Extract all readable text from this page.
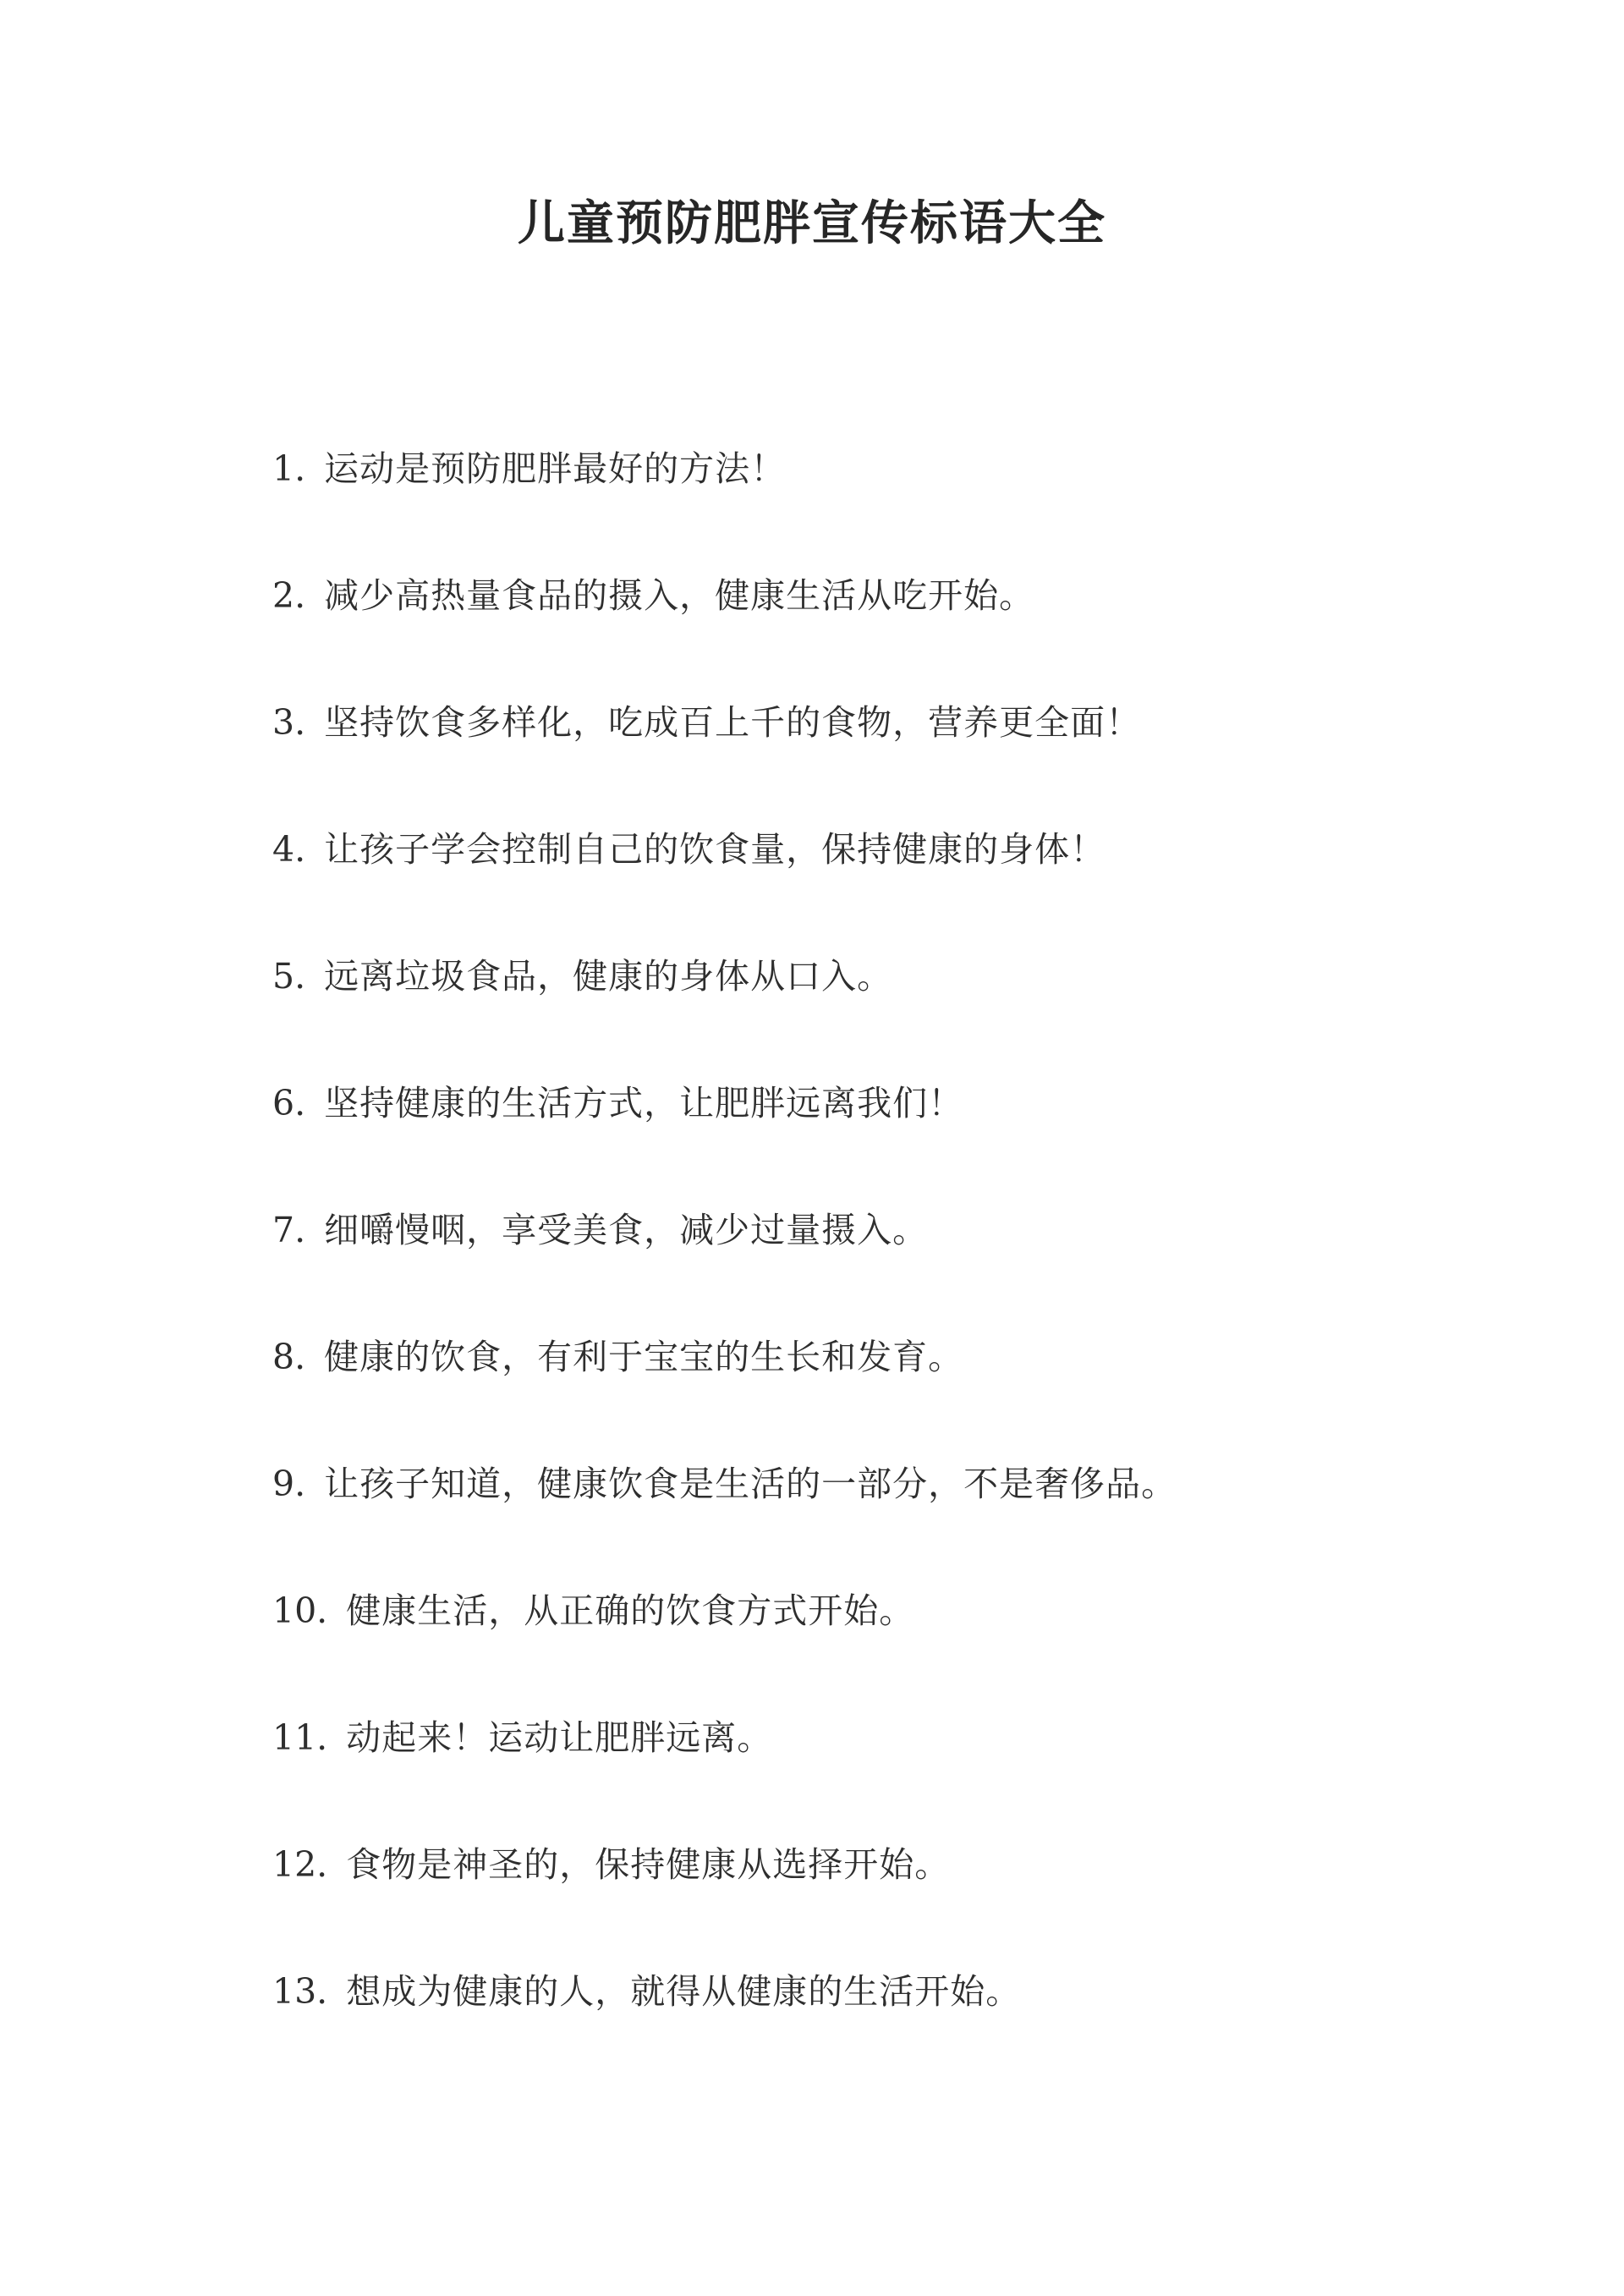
儿童预防肥胖宣传标语大全
1. 运动是预防肥胖最好的方法！
2. 减少高热量食品的摄入，健康生活从吃开始。
3. 坚持饮食多样化，吃成百上千的食物，营养更全面！
4. 让孩子学会控制自己的饮食量，保持健康的身体！
5. 远离垃圾食品，健康的身体从口入。
6. 坚持健康的生活方式，让肥胖远离我们！
7. 细嚼慢咽，享受美食，减少过量摄入。
8. 健康的饮食，有利于宝宝的生长和发育。
9. 让孩子知道，健康饮食是生活的一部分，不是奢侈品。
10. 健康生活，从正确的饮食方式开始。
11. 动起来！运动让肥胖远离。
12. 食物是神圣的，保持健康从选择开始。
13. 想成为健康的人，就得从健康的生活开始。
